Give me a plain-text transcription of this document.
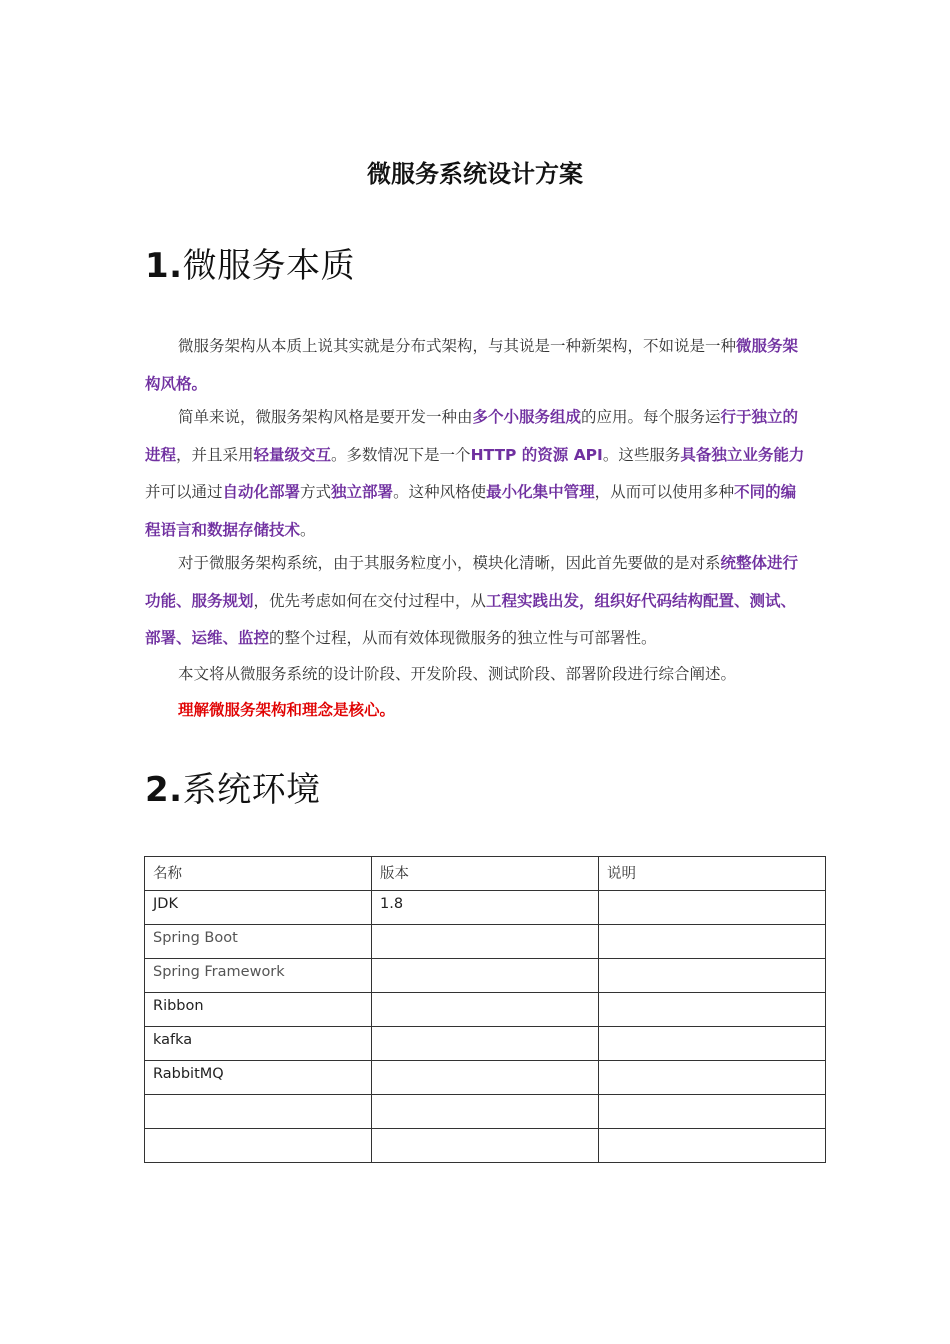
微服务系统设计方案
1.微服务本质

微服务架构从本质上说其实就是分布式架构，与其说是一种新架构，不如说是一种微服务架构风格。

简单来说，微服务架构风格是要开发一种由多个小服务组成的应用。每个服务运行于独立的进程，并且采用轻量级交互。多数情况下是一个HTTP 的资源 API。这些服务具备独立业务能力并可以通过自动化部署方式独立部署。这种风格使最小化集中管理，从而可以使用多种不同的编程语言和数据存储技术。

对于微服务架构系统，由于其服务粒度小，模块化清晰，因此首先要做的是对系统整体进行功能、服务规划，优先考虑如何在交付过程中，从工程实践出发，组织好代码结构配置、测试、部署、运维、监控的整个过程，从而有效体现微服务的独立性与可部署性。

本文将从微服务系统的设计阶段、开发阶段、测试阶段、部署阶段进行综合阐述。

理解微服务架构和理念是核心。

2.系统环境
名称	版本	说明
JDK	1.8	
Spring Boot		
Spring Framework		
Ribbon		
kafka		
RabbitMQ		
